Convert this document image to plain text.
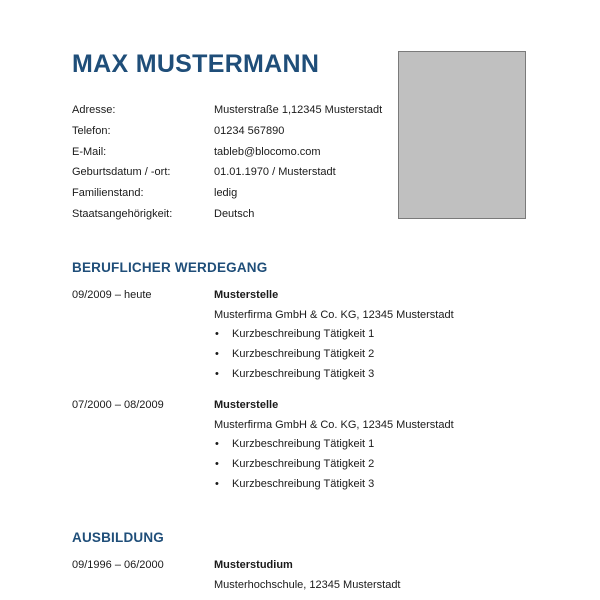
MAX MUSTERMANN
Adresse:	Musterstraße 1,12345 Musterstadt
Telefon:	01234 567890
E-Mail:	tableb@blocomo.com
Geburtsdatum / -ort:	01.01.1970 / Musterstadt
Familienstand:	ledig
Staatsangehörigkeit:	Deutsch
BERUFLICHER WERDEGANG
09/2009 – heute	Musterstelle
Musterfirma GmbH & Co. KG, 12345 Musterstadt
• Kurzbeschreibung Tätigkeit 1
• Kurzbeschreibung Tätigkeit 2
• Kurzbeschreibung Tätigkeit 3
07/2000 – 08/2009	Musterstelle
Musterfirma GmbH & Co. KG, 12345 Musterstadt
• Kurzbeschreibung Tätigkeit 1
• Kurzbeschreibung Tätigkeit 2
• Kurzbeschreibung Tätigkeit 3
AUSBILDUNG
09/1996 – 06/2000	Musterstudium
Musterhochschule, 12345 Musterstadt
